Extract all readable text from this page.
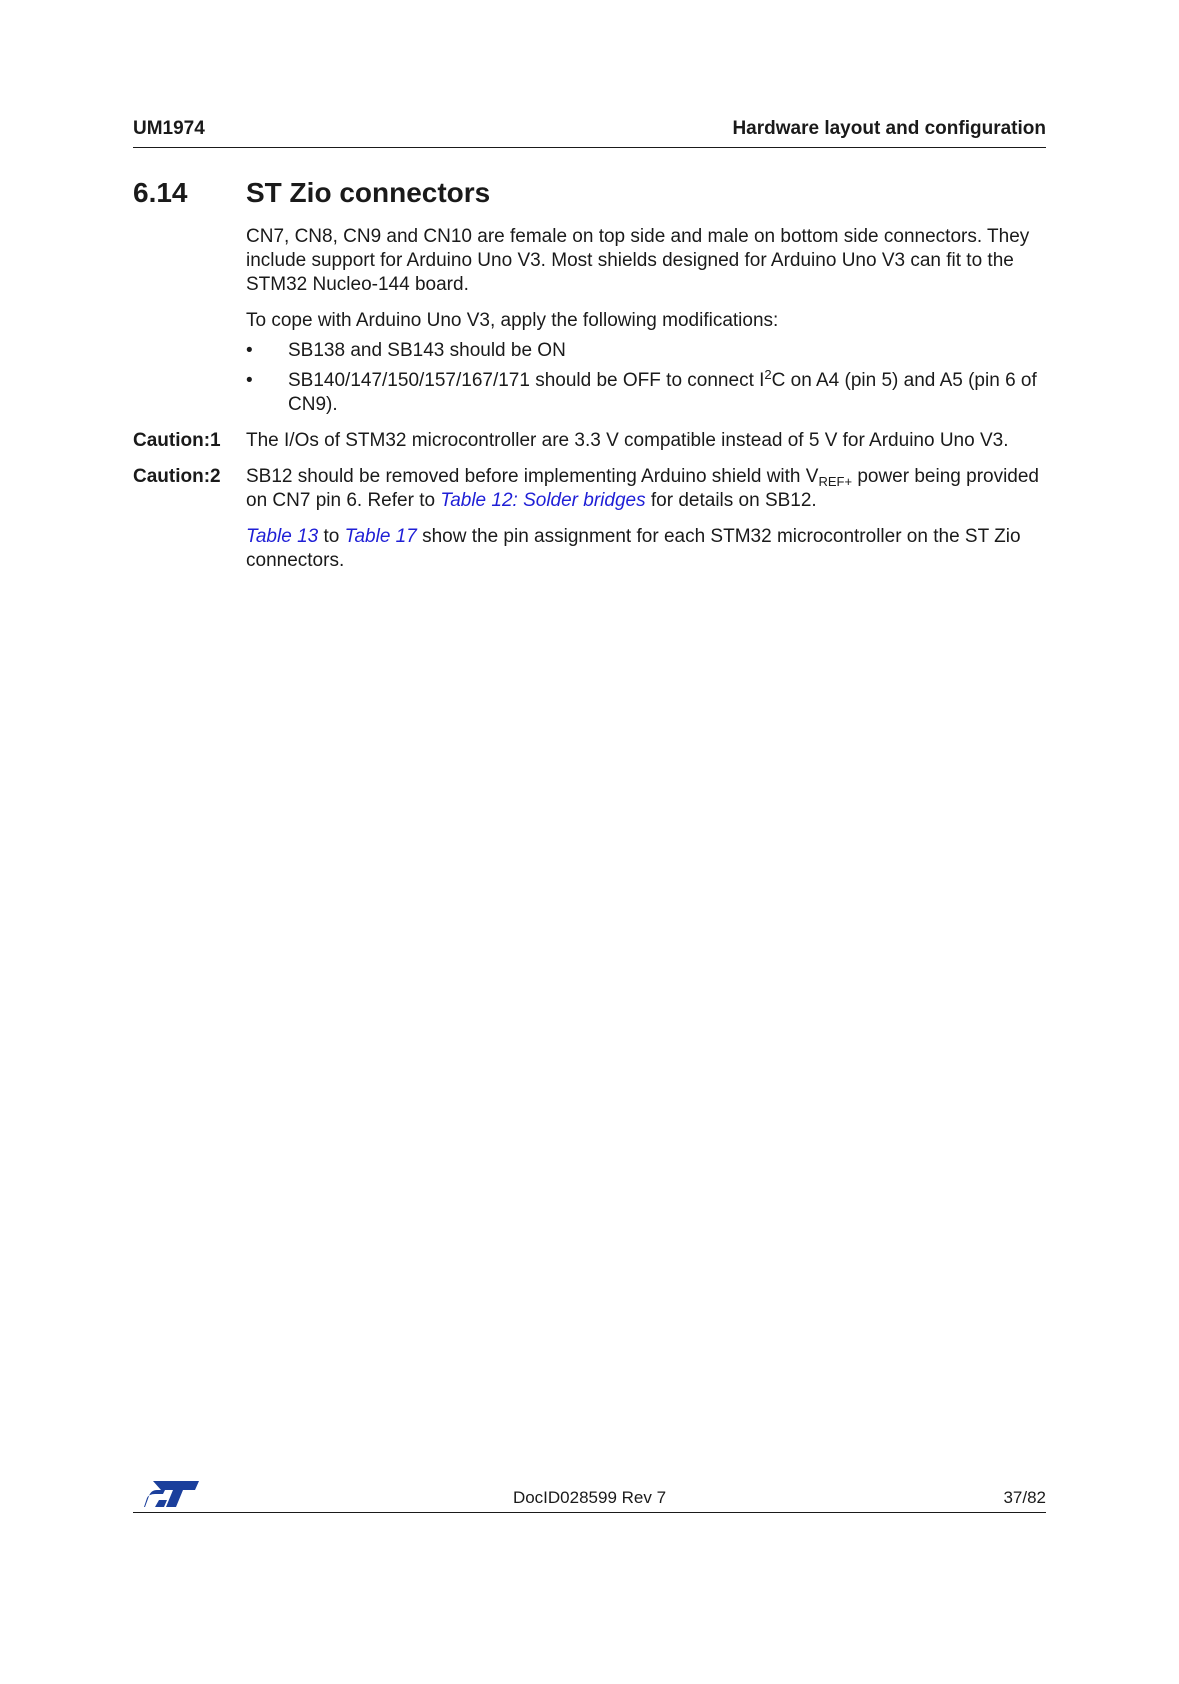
UM1974	Hardware layout and configuration
6.14 ST Zio connectors
CN7, CN8, CN9 and CN10 are female on top side and male on bottom side connectors. They include support for Arduino Uno V3. Most shields designed for Arduino Uno V3 can fit to the STM32 Nucleo-144 board.
To cope with Arduino Uno V3, apply the following modifications:
• SB138 and SB143 should be ON
• SB140/147/150/157/167/171 should be OFF to connect $I^2C$ on A4 (pin 5) and A5 (pin 6 of CN9).
Caution:1 The I/Os of STM32 microcontroller are 3.3 V compatible instead of 5 V for Arduino Uno V3.
Caution:2 SB12 should be removed before implementing Arduino shield with $V_{REF+}$ power being provided on CN7 pin 6. Refer to Table 12: Solder bridges for details on SB12.
Table 13 to Table 17 show the pin assignment for each STM32 microcontroller on the ST Zio connectors.
DocID028599 Rev 7	37/82
